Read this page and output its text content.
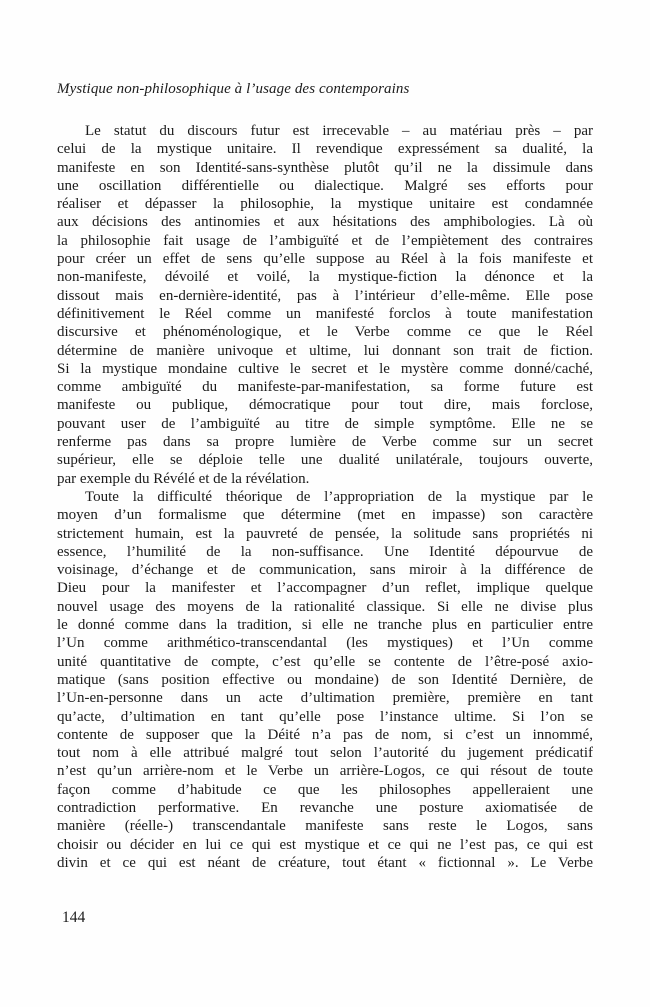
Mystique non-philosophique à l’usage des contemporains
Le statut du discours futur est irrecevable – au matériau près – par
celui de la mystique unitaire. Il revendique expressément sa dualité, la
manifeste en son Identité-sans-synthèse plutôt qu’il ne la dissimule dans
une oscillation différentielle ou dialectique. Malgré ses efforts pour
réaliser et dépasser la philosophie, la mystique unitaire est condamnée
aux décisions des antinomies et aux hésitations des amphibologies. Là où
la philosophie fait usage de l’ambiguïté et de l’empiètement des contraires
pour créer un effet de sens qu’elle suppose au Réel à la fois manifeste et
non-manifeste, dévoilé et voilé, la mystique-fiction la dénonce et la
dissout mais en-dernière-identité, pas à l’intérieur d’elle-même. Elle pose
définitivement le Réel comme un manifesté forclos à toute manifestation
discursive et phénoménologique, et le Verbe comme ce que le Réel
détermine de manière univoque et ultime, lui donnant son trait de fiction.
Si la mystique mondaine cultive le secret et le mystère comme donné/caché,
comme ambiguïté du manifeste-par-manifestation, sa forme future est
manifeste ou publique, démocratique pour tout dire, mais forclose,
pouvant user de l’ambiguïté au titre de simple symptôme. Elle ne se
renferme pas dans sa propre lumière de Verbe comme sur un secret
supérieur, elle se déploie telle une dualité unilatérale, toujours ouverte,
par exemple du Révélé et de la révélation.
Toute la difficulté théorique de l’appropriation de la mystique par le
moyen d’un formalisme que détermine (met en impasse) son caractère
strictement humain, est la pauvreté de pensée, la solitude sans propriétés ni
essence, l’humilité de la non-suffisance. Une Identité dépourvue de
voisinage, d’échange et de communication, sans miroir à la différence de
Dieu pour la manifester et l’accompagner d’un reflet, implique quelque
nouvel usage des moyens de la rationalité classique. Si elle ne divise plus
le donné comme dans la tradition, si elle ne tranche plus en particulier entre
l’Un comme arithmético-transcendantal (les mystiques) et l’Un comme
unité quantitative de compte, c’est qu’elle se contente de l’être-posé axio-
matique (sans position effective ou mondaine) de son Identité Dernière, de
l’Un-en-personne dans un acte d’ultimation première, première en tant
qu’acte, d’ultimation en tant qu’elle pose l’instance ultime. Si l’on se
contente de supposer que la Déité n’a pas de nom, si c’est un innommé,
tout nom à elle attribué malgré tout selon l’autorité du jugement prédicatif
n’est qu’un arrière-nom et le Verbe un arrière-Logos, ce qui résout de toute
façon comme d’habitude ce que les philosophes appelleraient une
contradiction performative. En revanche une posture axiomatisée de
manière (réelle-) transcendantale manifeste sans reste le Logos, sans
choisir ou décider en lui ce qui est mystique et ce qui ne l’est pas, ce qui est
divin et ce qui est néant de créature, tout étant « fictionnal ». Le Verbe
144
